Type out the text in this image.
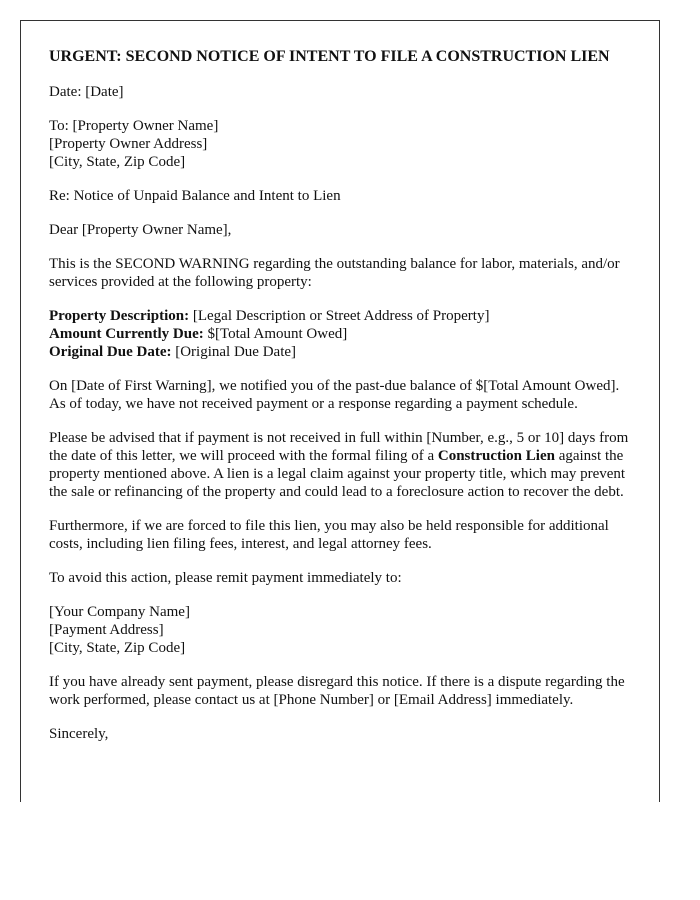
URGENT: SECOND NOTICE OF INTENT TO FILE A CONSTRUCTION LIEN

Date: [Date]

To: [Property Owner Name]
[Property Owner Address]
[City, State, Zip Code]

Re: Notice of Unpaid Balance and Intent to Lien

Dear [Property Owner Name],

This is the SECOND WARNING regarding the outstanding balance for labor, materials, and/or services provided at the following property:

Property Description: [Legal Description or Street Address of Property]
Amount Currently Due: $[Total Amount Owed]
Original Due Date: [Original Due Date]

On [Date of First Warning], we notified you of the past-due balance of $[Total Amount Owed]. As of today, we have not received payment or a response regarding a payment schedule.

Please be advised that if payment is not received in full within [Number, e.g., 5 or 10] days from the date of this letter, we will proceed with the formal filing of a Construction Lien against the property mentioned above. A lien is a legal claim against your property title, which may prevent the sale or refinancing of the property and could lead to a foreclosure action to recover the debt.

Furthermore, if we are forced to file this lien, you may also be held responsible for additional costs, including lien filing fees, interest, and legal attorney fees.

To avoid this action, please remit payment immediately to:

[Your Company Name]
[Payment Address]
[City, State, Zip Code]

If you have already sent payment, please disregard this notice. If there is a dispute regarding the work performed, please contact us at [Phone Number] or [Email Address] immediately.

Sincerely,
